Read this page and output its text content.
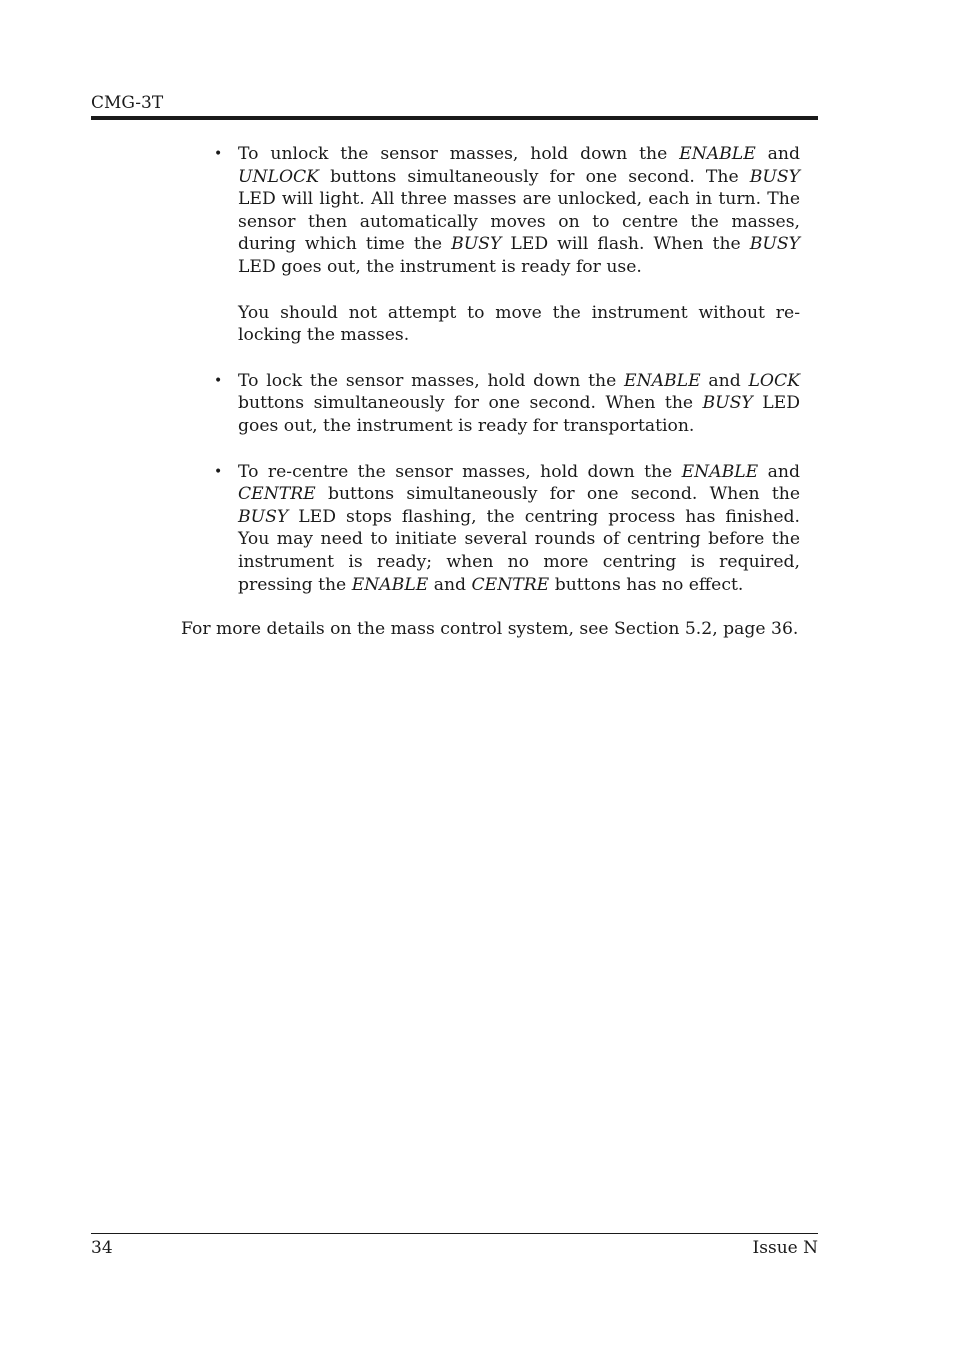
CMG-3T

• To unlock the sensor masses, hold down the ENABLE and UNLOCK buttons simultaneously for one second. The BUSY LED will light. All three masses are unlocked, each in turn. The sensor then automatically moves on to centre the masses, during which time the BUSY LED will flash. When the BUSY LED goes out, the instrument is ready for use.

You should not attempt to move the instrument without re-locking the masses.

• To lock the sensor masses, hold down the ENABLE and LOCK buttons simultaneously for one second. When the BUSY LED goes out, the instrument is ready for transportation.

• To re-centre the sensor masses, hold down the ENABLE and CENTRE buttons simultaneously for one second. When the BUSY LED stops flashing, the centring process has finished. You may need to initiate several rounds of centring before the instrument is ready; when no more centring is required, pressing the ENABLE and CENTRE buttons has no effect.

For more details on the mass control system, see Section 5.2, page 36.
34	Issue N
